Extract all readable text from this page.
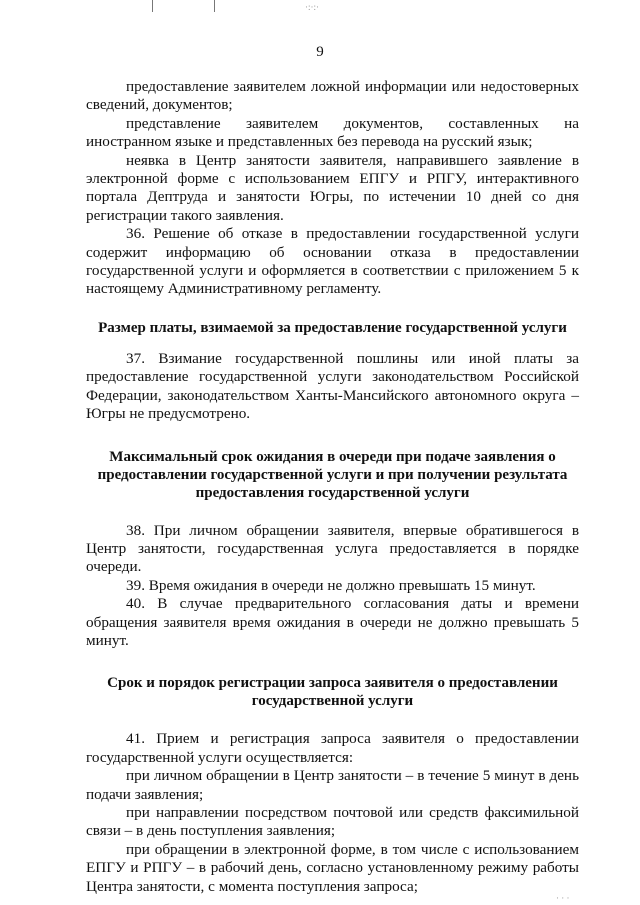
·:·:·
9

предоставление заявителем ложной информации или недостоверных сведений, документов;

представление заявителем документов, составленных на иностранном языке и представленных без перевода на русский язык;

неявка в Центр занятости заявителя, направившего заявление в электронной форме с использованием ЕПГУ и РПГУ, интерактивного портала Дептруда и занятости Югры, по истечении 10 дней со дня регистрации такого заявления.

36. Решение об отказе в предоставлении государственной услуги содержит информацию об основании отказа в предоставлении государственной услуги и оформляется в соответствии с приложением 5 к настоящему Административному регламенту.

Размер платы, взимаемой за предоставление государственной услуги

37. Взимание государственной пошлины или иной платы за предоставление государственной услуги законодательством Российской Федерации, законодательством Ханты-Мансийского автономного округа – Югры не предусмотрено.

Максимальный срок ожидания в очереди при подаче заявления о предоставлении государственной услуги и при получении результата предоставления государственной услуги

38. При личном обращении заявителя, впервые обратившегося в Центр занятости, государственная услуга предоставляется в порядке очереди.

39. Время ожидания в очереди не должно превышать 15 минут.

40. В случае предварительного согласования даты и времени обращения заявителя время ожидания в очереди не должно превышать 5 минут.

Срок и порядок регистрации запроса заявителя о предоставлении государственной услуги

41. Прием и регистрация запроса заявителя о предоставлении государственной услуги осуществляется:

при личном обращении в Центр занятости – в течение 5 минут в день подачи заявления;

при направлении посредством почтовой или средств факсимильной связи – в день поступления заявления;

при обращении в электронной форме, в том числе с использованием ЕПГУ и РПГУ – в рабочий день, согласно установленному режиму работы Центра занятости, с момента поступления запроса;

· · ·
